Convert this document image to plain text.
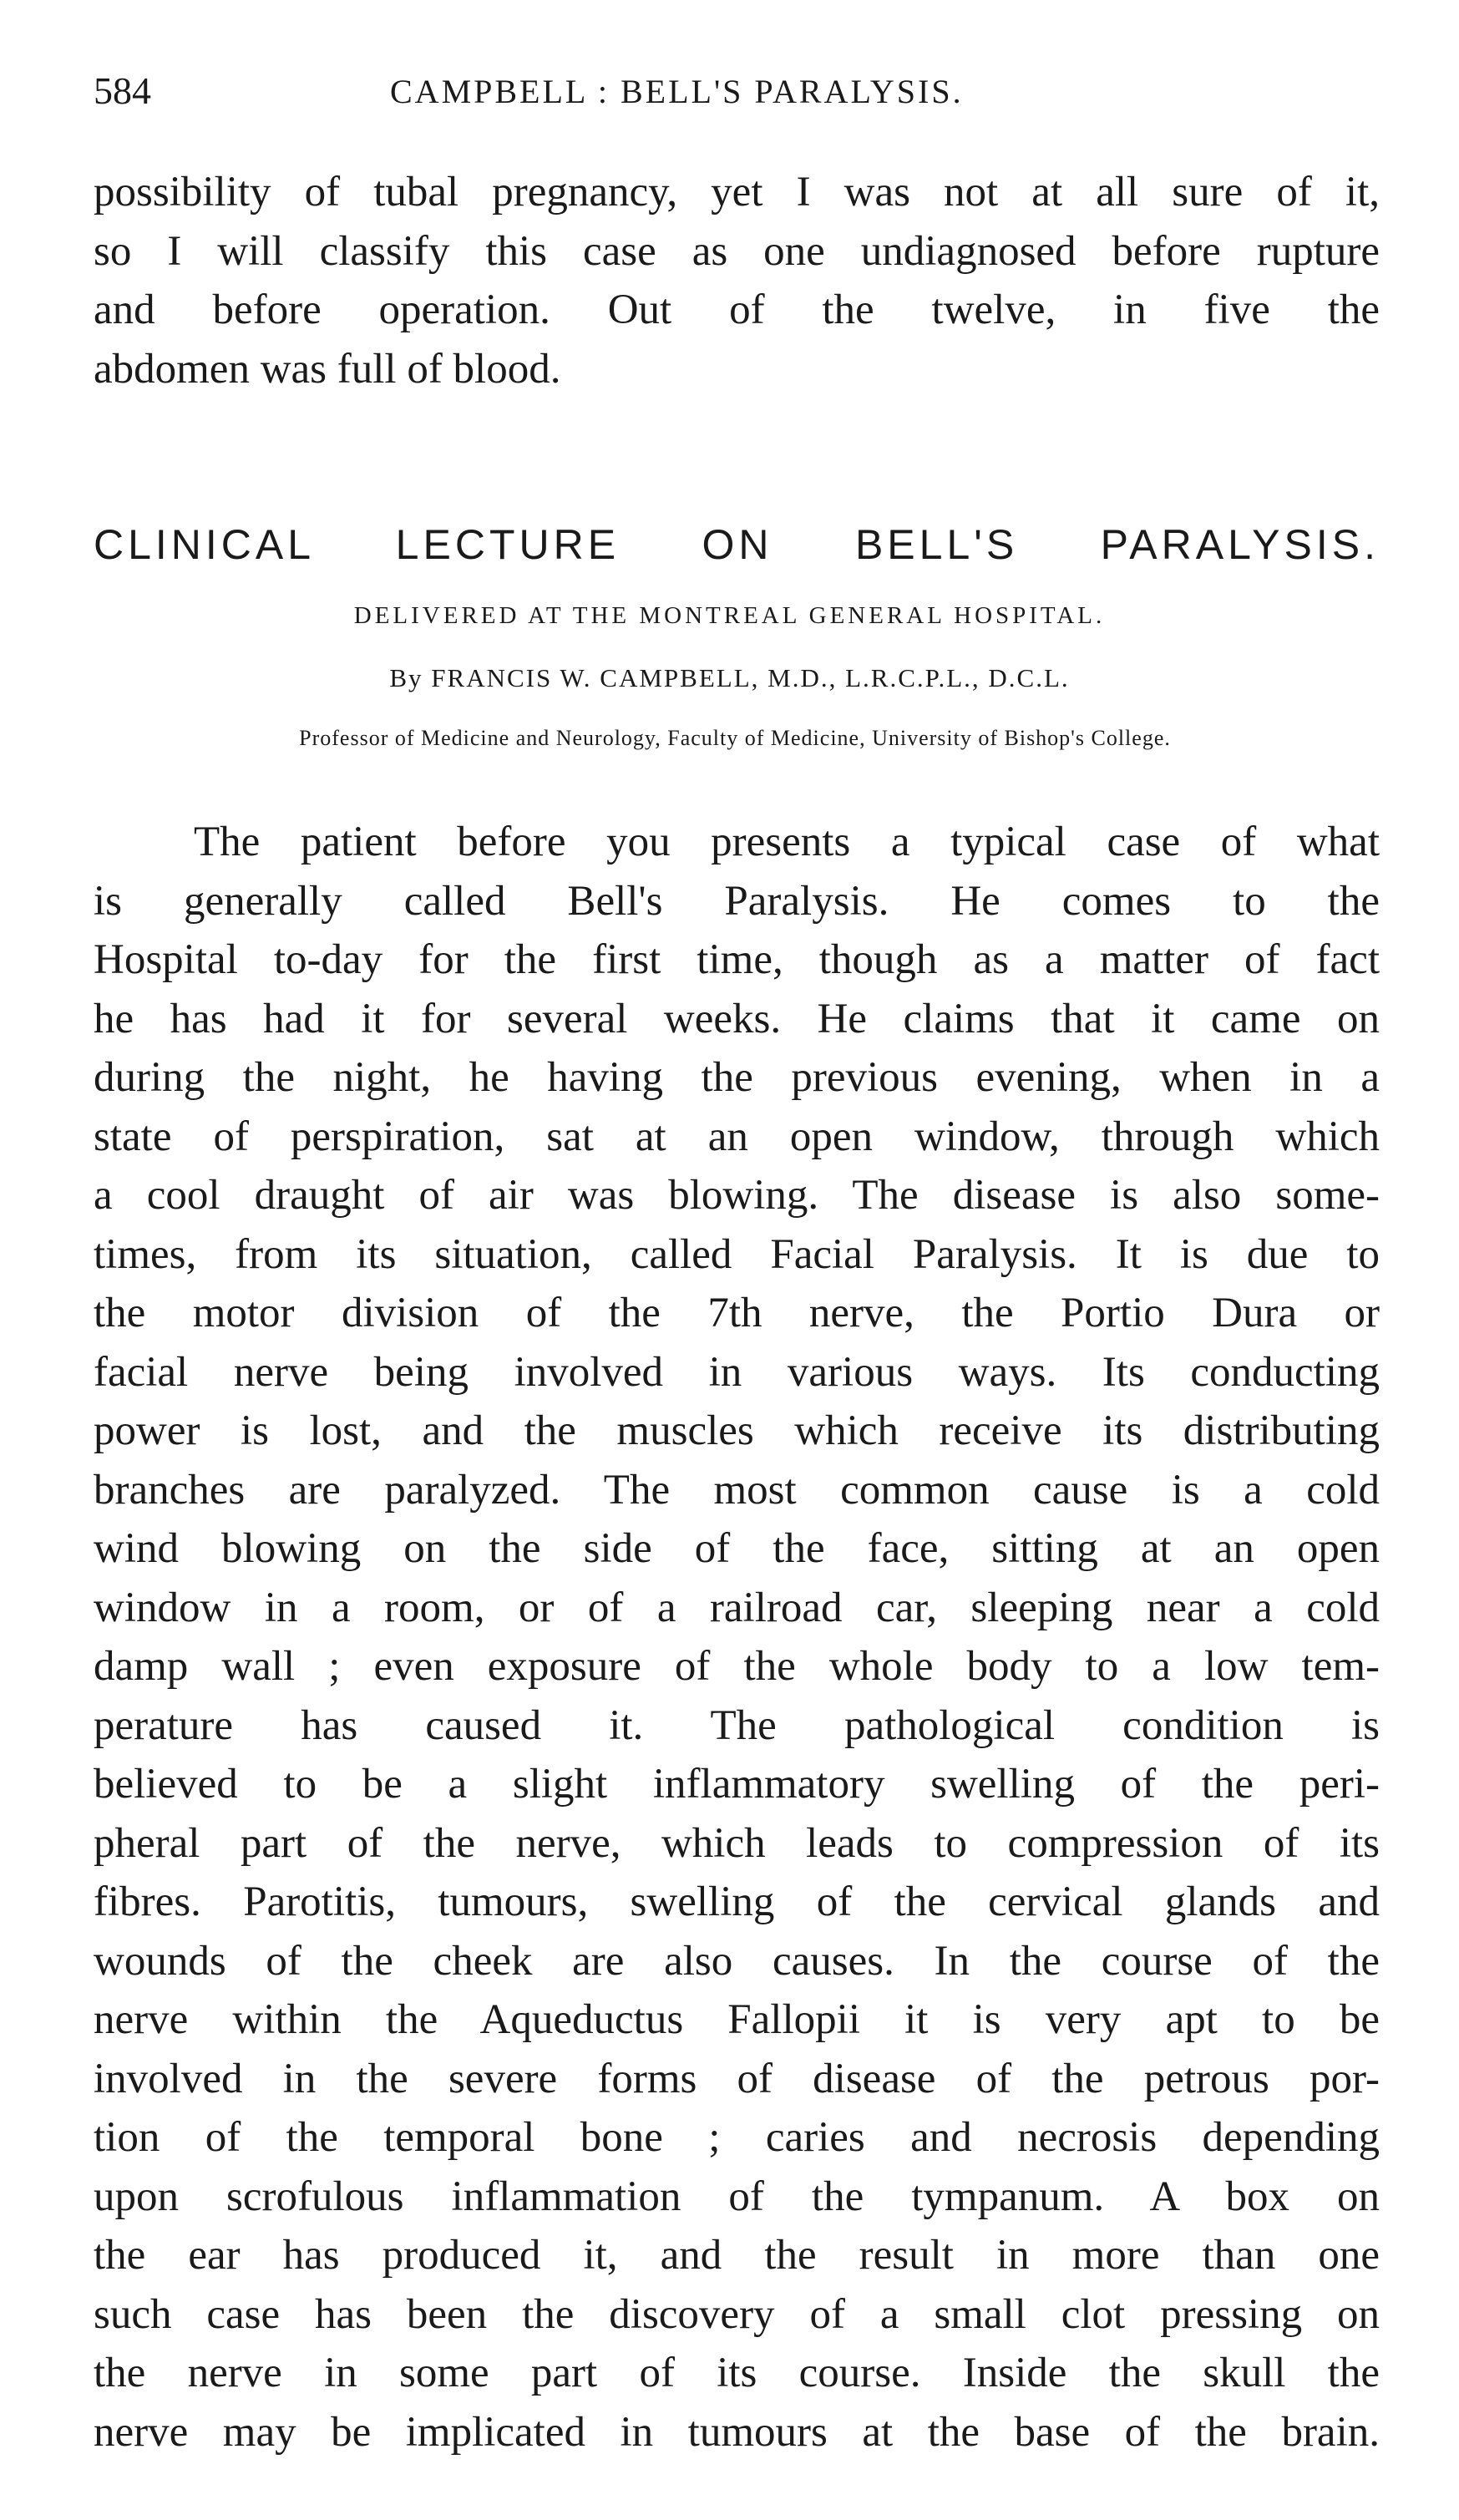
584	CAMPBELL : BELL'S PARALYSIS.
possibility of tubal pregnancy, yet I was not at all sure of it,
so I will classify this case as one undiagnosed before rupture
and before operation. Out of the twelve, in five the
abdomen was full of blood.
CLINICAL LECTURE ON BELL'S PARALYSIS.
DELIVERED AT THE MONTREAL GENERAL HOSPITAL.
By FRANCIS W. CAMPBELL, M.D., L.R.C.P.L., D.C.L.
Professor of Medicine and Neurology, Faculty of Medicine, University of Bishop's College.
The patient before you presents a typical case of what
is generally called Bell's Paralysis. He comes to the
Hospital to-day for the first time, though as a matter of fact
he has had it for several weeks. He claims that it came on
during the night, he having the previous evening, when in a
state of perspiration, sat at an open window, through which
a cool draught of air was blowing. The disease is also some-
times, from its situation, called Facial Paralysis. It is due to
the motor division of the 7th nerve, the Portio Dura or
facial nerve being involved in various ways. Its conducting
power is lost, and the muscles which receive its distributing
branches are paralyzed. The most common cause is a cold
wind blowing on the side of the face, sitting at an open
window in a room, or of a railroad car, sleeping near a cold
damp wall ; even exposure of the whole body to a low tem-
perature has caused it. The pathological condition is
believed to be a slight inflammatory swelling of the peri-
pheral part of the nerve, which leads to compression of its
fibres. Parotitis, tumours, swelling of the cervical glands and
wounds of the cheek are also causes. In the course of the
nerve within the Aqueductus Fallopii it is very apt to be
involved in the severe forms of disease of the petrous por-
tion of the temporal bone ; caries and necrosis depending
upon scrofulous inflammation of the tympanum. A box on
the ear has produced it, and the result in more than one
such case has been the discovery of a small clot pressing on
the nerve in some part of its course. Inside the skull the
nerve may be implicated in tumours at the base of the brain.
